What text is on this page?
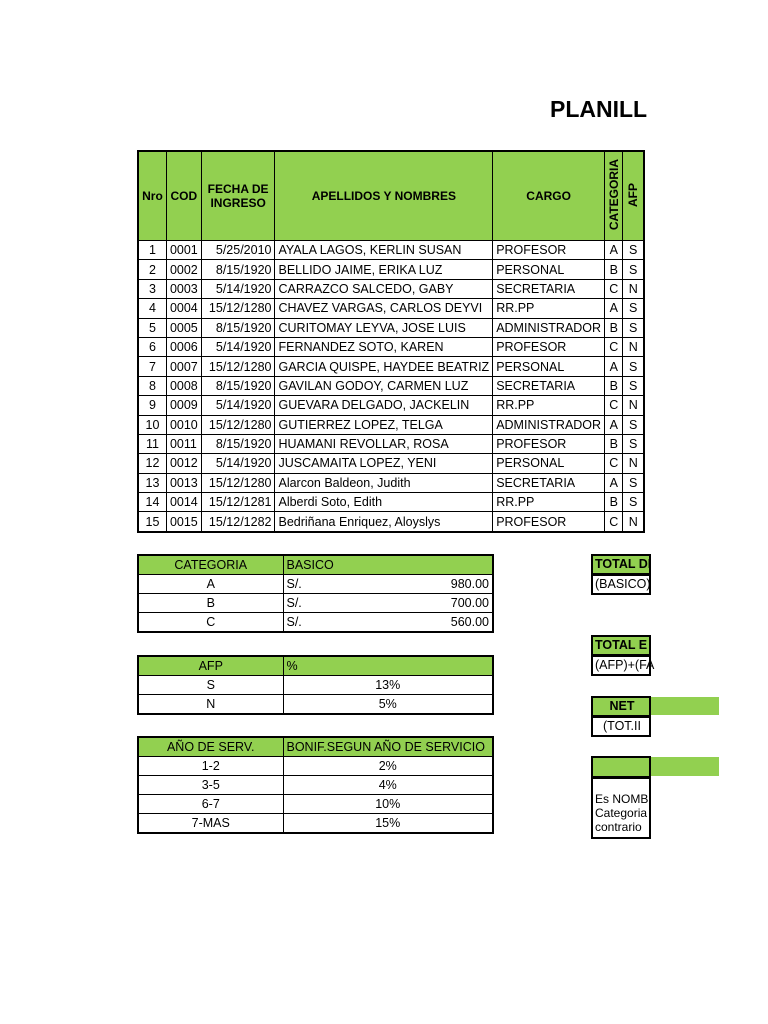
PLANILL
Nro	COD	FECHA DE INGRESO	APELLIDOS Y NOMBRES	CARGO	CATEGORIA	AFP
1	0001	5/25/2010	AYALA LAGOS, KERLIN SUSAN	PROFESOR	A	S
2	0002	8/15/1920	BELLIDO JAIME, ERIKA LUZ	PERSONAL	B	S
3	0003	5/14/1920	CARRAZCO SALCEDO, GABY	SECRETARIA	C	N
4	0004	15/12/1280	CHAVEZ VARGAS, CARLOS DEYVI	RR.PP	A	S
5	0005	8/15/1920	CURITOMAY LEYVA, JOSE LUIS	ADMINISTRADOR	B	S
6	0006	5/14/1920	FERNANDEZ SOTO, KAREN	PROFESOR	C	N
7	0007	15/12/1280	GARCIA QUISPE, HAYDEE BEATRIZ	PERSONAL	A	S
8	0008	8/15/1920	GAVILAN GODOY, CARMEN LUZ	SECRETARIA	B	S
9	0009	5/14/1920	GUEVARA DELGADO, JACKELIN	RR.PP	C	N
10	0010	15/12/1280	GUTIERREZ LOPEZ, TELGA	ADMINISTRADOR	A	S
11	0011	8/15/1920	HUAMANI REVOLLAR, ROSA	PROFESOR	B	S
12	0012	5/14/1920	JUSCAMAITA LOPEZ, YENI	PERSONAL	C	N
13	0013	15/12/1280	Alarcon Baldeon, Judith	SECRETARIA	A	S
14	0014	15/12/1281	Alberdi Soto, Edith	RR.PP	B	S
15	0015	15/12/1282	Bedriñana Enriquez, Aloyslys	PROFESOR	C	N
CATEGORIA	BASICO
A	S/. 980.00

B	S/. 700.00

C	S/. 560.00
AFP	%
S	13%
N	5%
AÑO DE SERV.	BONIF.SEGUN AÑO DE SERVICIO
1-2	2%
3-5	4%
6-7	10%
7-MAS	15%
TOTAL DI
(BASICO)
TOTAL E
(AFP)+(FA
NET
(TOT.II
Es NOMB
Categoria
contrario
